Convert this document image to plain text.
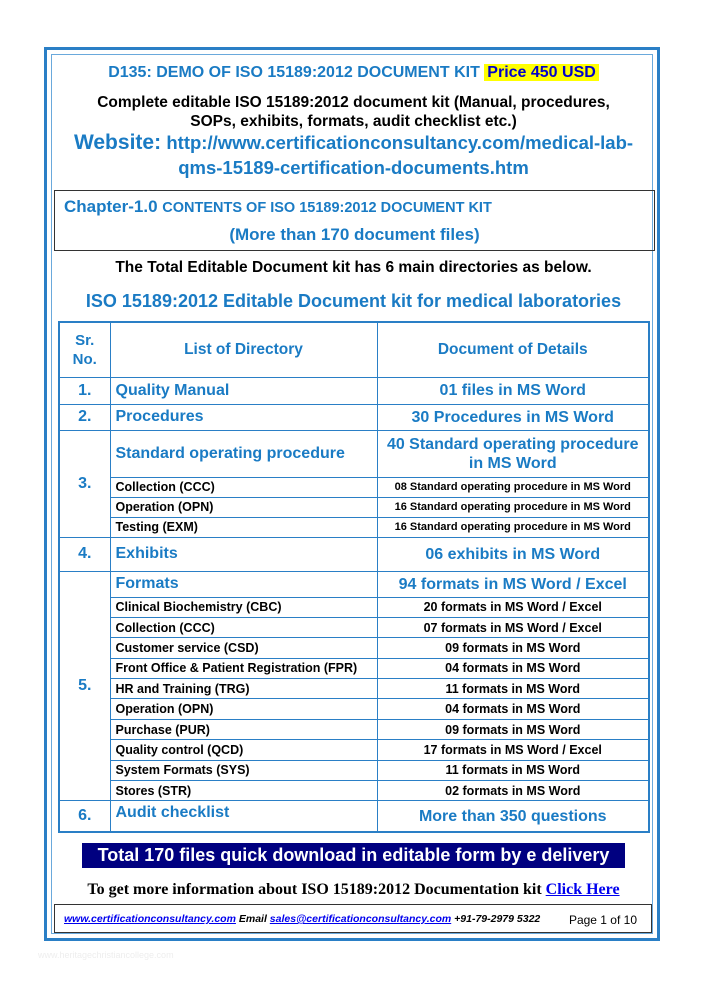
D135: DEMO OF ISO 15189:2012 DOCUMENT KIT Price 450 USD
Complete editable ISO 15189:2012 document kit (Manual, procedures,
SOPs, exhibits, formats, audit checklist etc.)
Website: http://www.certificationconsultancy.com/medical-lab-
qms-15189-certification-documents.htm
Chapter-1.0 CONTENTS OF ISO 15189:2012 DOCUMENT KIT
(More than 170 document files)
The Total Editable Document kit has 6 main directories as below.
ISO 15189:2012 Editable Document kit for medical laboratories
Sr. No.	List of Directory	Document of Details
1.	Quality Manual	01 files in MS Word
2.	Procedures	30 Procedures in MS Word
3.	Standard operating procedure	40 Standard operating procedure in MS Word
	Collection (CCC)	08 Standard operating procedure in MS Word
	Operation (OPN)	16 Standard operating procedure in MS Word
	Testing (EXM)	16 Standard operating procedure in MS Word
4.	Exhibits	06 exhibits in MS Word
5.	Formats	94 formats in MS Word / Excel
	Clinical Biochemistry (CBC)	20 formats in MS Word / Excel
	Collection (CCC)	07 formats in MS Word / Excel
	Customer service (CSD)	09 formats in MS Word
	Front Office & Patient Registration (FPR)	04 formats in MS Word
	HR and Training (TRG)	11 formats in MS Word
	Operation (OPN)	04 formats in MS Word
	Purchase (PUR)	09 formats in MS Word
	Quality control (QCD)	17 formats in MS Word / Excel
	System Formats (SYS)	11 formats in MS Word
	Stores (STR)	02 formats in MS Word
6.	Audit checklist	More than 350 questions
Total 170 files quick download in editable form by e delivery
To get more information about ISO 15189:2012 Documentation kit Click Here
www.certificationconsultancy.com Email sales@certificationconsultancy.com +91-79-2979 5322 Page 1 of 10
www.heritagechristiancollege.com
